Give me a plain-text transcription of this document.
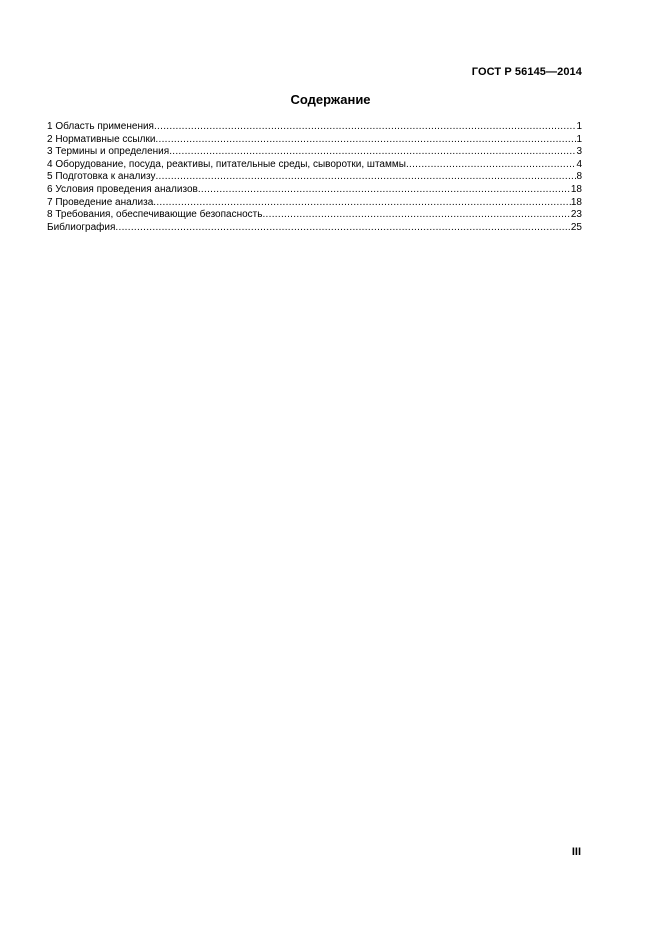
ГОСТ Р 56145—2014
Содержание
1 Область применения .....	1
2 Нормативные ссылки .....	1
3 Термины и определения .....	3
4 Оборудование, посуда, реактивы, питательные среды, сыворотки, штаммы .....	4
5 Подготовка к анализу .....	8
6 Условия проведения анализов .....	18
7 Проведение анализа .....	18
8 Требования, обеспечивающие безопасность .....	23
Библиография .....	25
III
